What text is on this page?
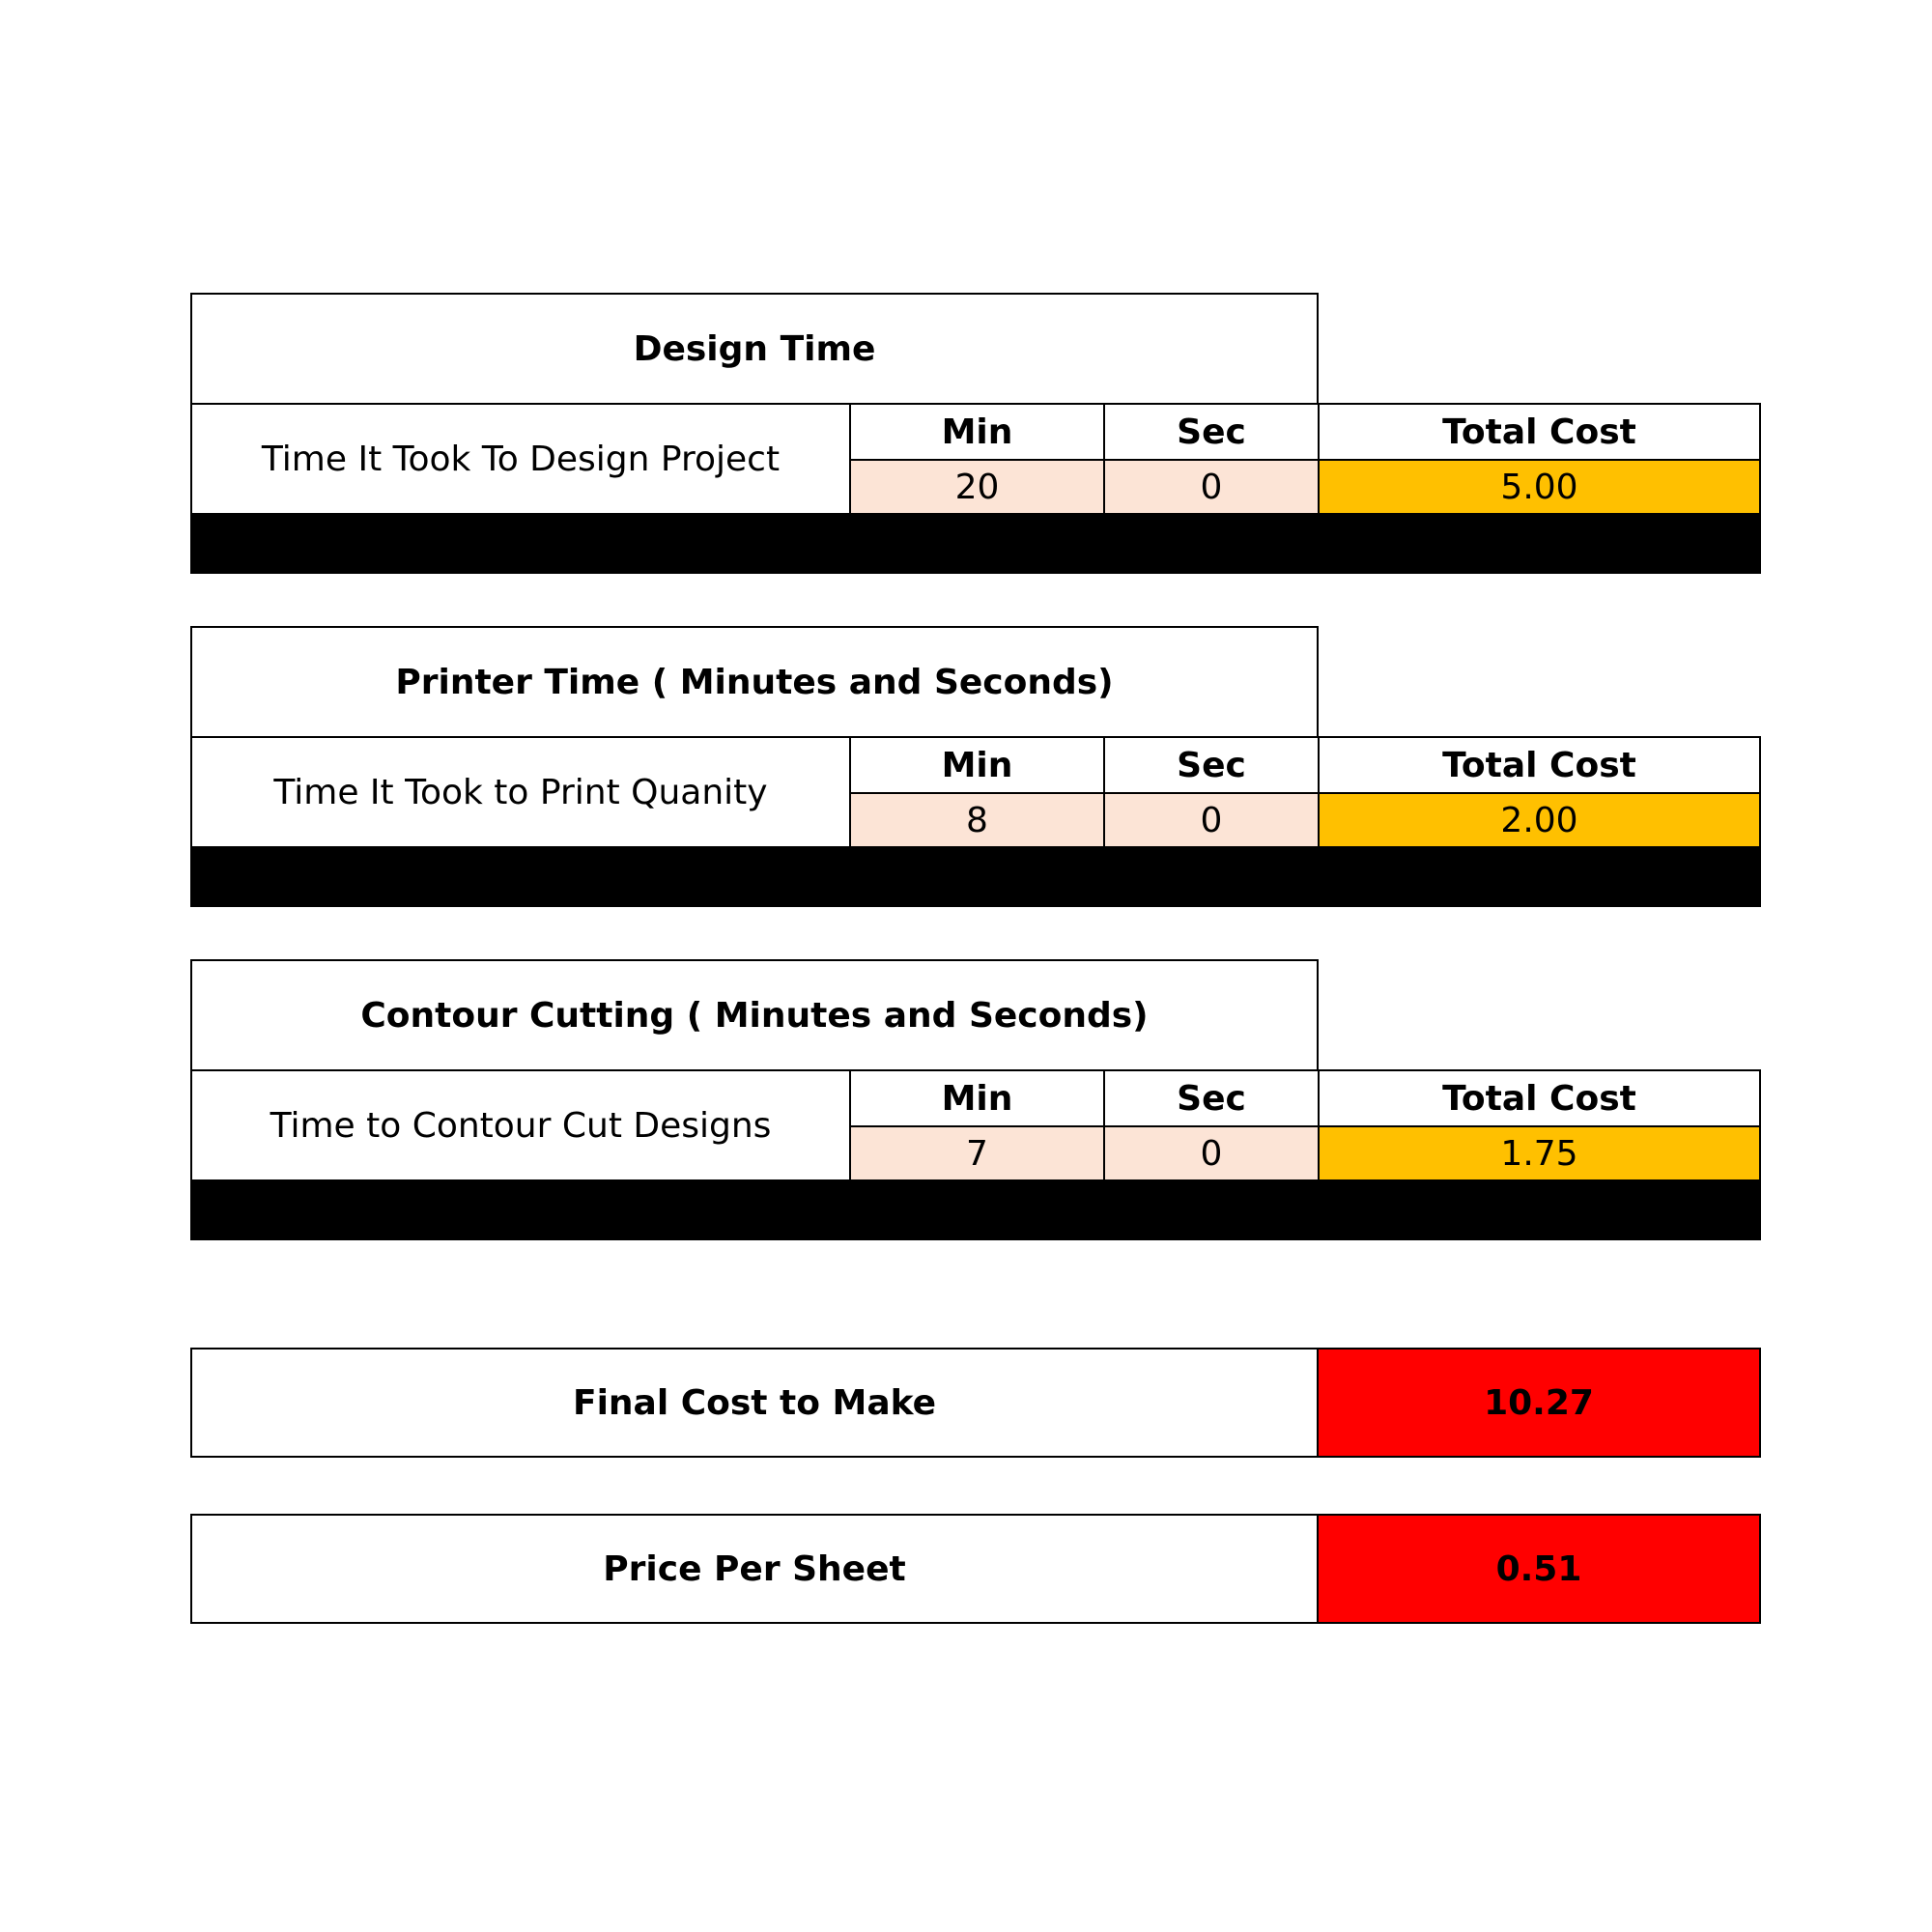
Design Time
Time It Took To Design Project
Min	Sec	Total Cost
20	0	5.00
Printer Time ( Minutes and Seconds)
Time It Took to Print Quanity
Min	Sec	Total Cost
8	0	2.00
Contour Cutting ( Minutes and Seconds)
Time to Contour Cut Designs
Min	Sec	Total Cost
7	0	1.75
Final Cost to Make	10.27
Price Per Sheet	0.51
